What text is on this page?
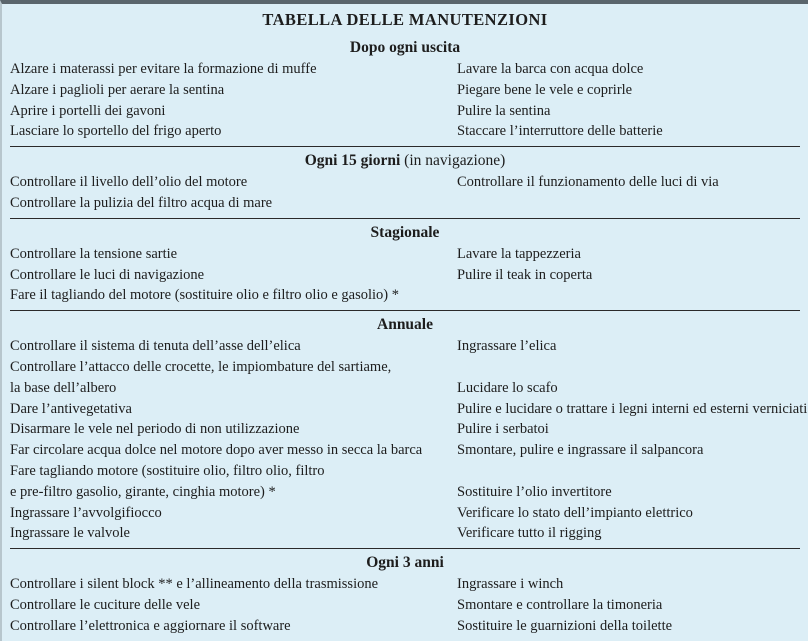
TABELLA DELLE MANUTENZIONI
Dopo ogni uscita
Alzare i materassi per evitare la formazione di muffe	Lavare la barca con acqua dolce
Alzare i paglioli per aerare la sentina	Piegare bene le vele e coprirle
Aprire i portelli dei gavoni	Pulire la sentina
Lasciare lo sportello del frigo aperto	Staccare l’interruttore delle batterie
Ogni 15 giorni (in navigazione)
Controllare il livello dell’olio del motore	Controllare il funzionamento delle luci di via
Controllare la pulizia del filtro acqua di mare
Stagionale
Controllare la tensione sartie	Lavare la tappezzeria
Controllare le luci di navigazione	Pulire il teak in coperta
Fare il tagliando del motore (sostituire olio e filtro olio e gasolio) *
Annuale
Controllare il sistema di tenuta dell’asse dell’elica	Ingrassare l’elica
Controllare l’attacco delle crocette, le impiombature del sartiame,
la base dell’albero	Lucidare lo scafo
Dare l’antivegetativa	Pulire e lucidare o trattare i legni interni ed esterni verniciati
Disarmare le vele nel periodo di non utilizzazione	Pulire i serbatoi
Far circolare acqua dolce nel motore dopo aver messo in secca la barca	Smontare, pulire e ingrassare il salpancora
Fare tagliando motore (sostituire olio, filtro olio, filtro
e pre-filtro gasolio, girante, cinghia motore) *	Sostituire l’olio invertitore
Ingrassare l’avvolgifiocco	Verificare lo stato dell’impianto elettrico
Ingrassare le valvole	Verificare tutto il rigging
Ogni 3 anni
Controllare i silent block ** e l’allineamento della trasmissione	Ingrassare i winch
Controllare le cuciture delle vele	Smontare e controllare la timoneria
Controllare l’elettronica e aggiornare il software	Sostituire le guarnizioni della toilette
